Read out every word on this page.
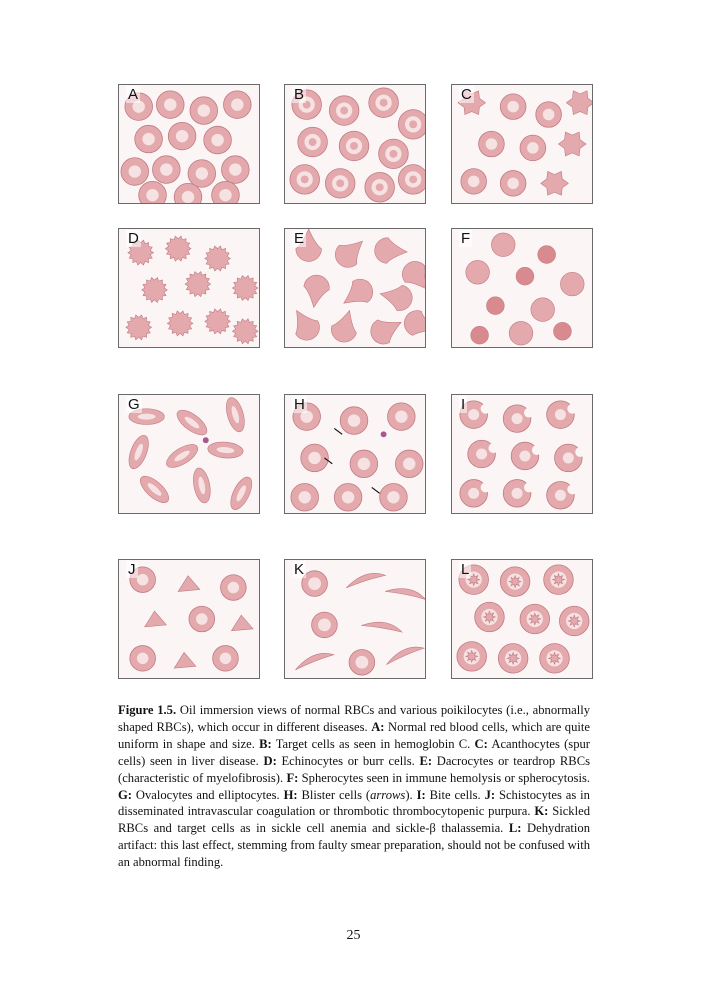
A	B	C
D	E	F
G	H	I
J	K	L
Figure 1.5. Oil immersion views of normal RBCs and various poikilocytes (i.e., abnormally shaped RBCs), which occur in different diseases. A: Normal red blood cells, which are quite uniform in shape and size. B: Target cells as seen in hemoglobin C. C: Acanthocytes (spur cells) seen in liver disease. D: Echinocytes or burr cells. E: Dacrocytes or teardrop RBCs (characteristic of myelofibrosis). F: Spherocytes seen in immune hemolysis or spherocytosis. G: Ovalocytes and elliptocytes. H: Blister cells (arrows). I: Bite cells. J: Schistocytes as in disseminated intravascular coagulation or thrombotic thrombocytopenic purpura. K: Sickled RBCs and target cells as in sickle cell anemia and sickle-β thalassemia. L: Dehydration artifact: this last effect, stemming from faulty smear preparation, should not be confused with an abnormal finding.
25
